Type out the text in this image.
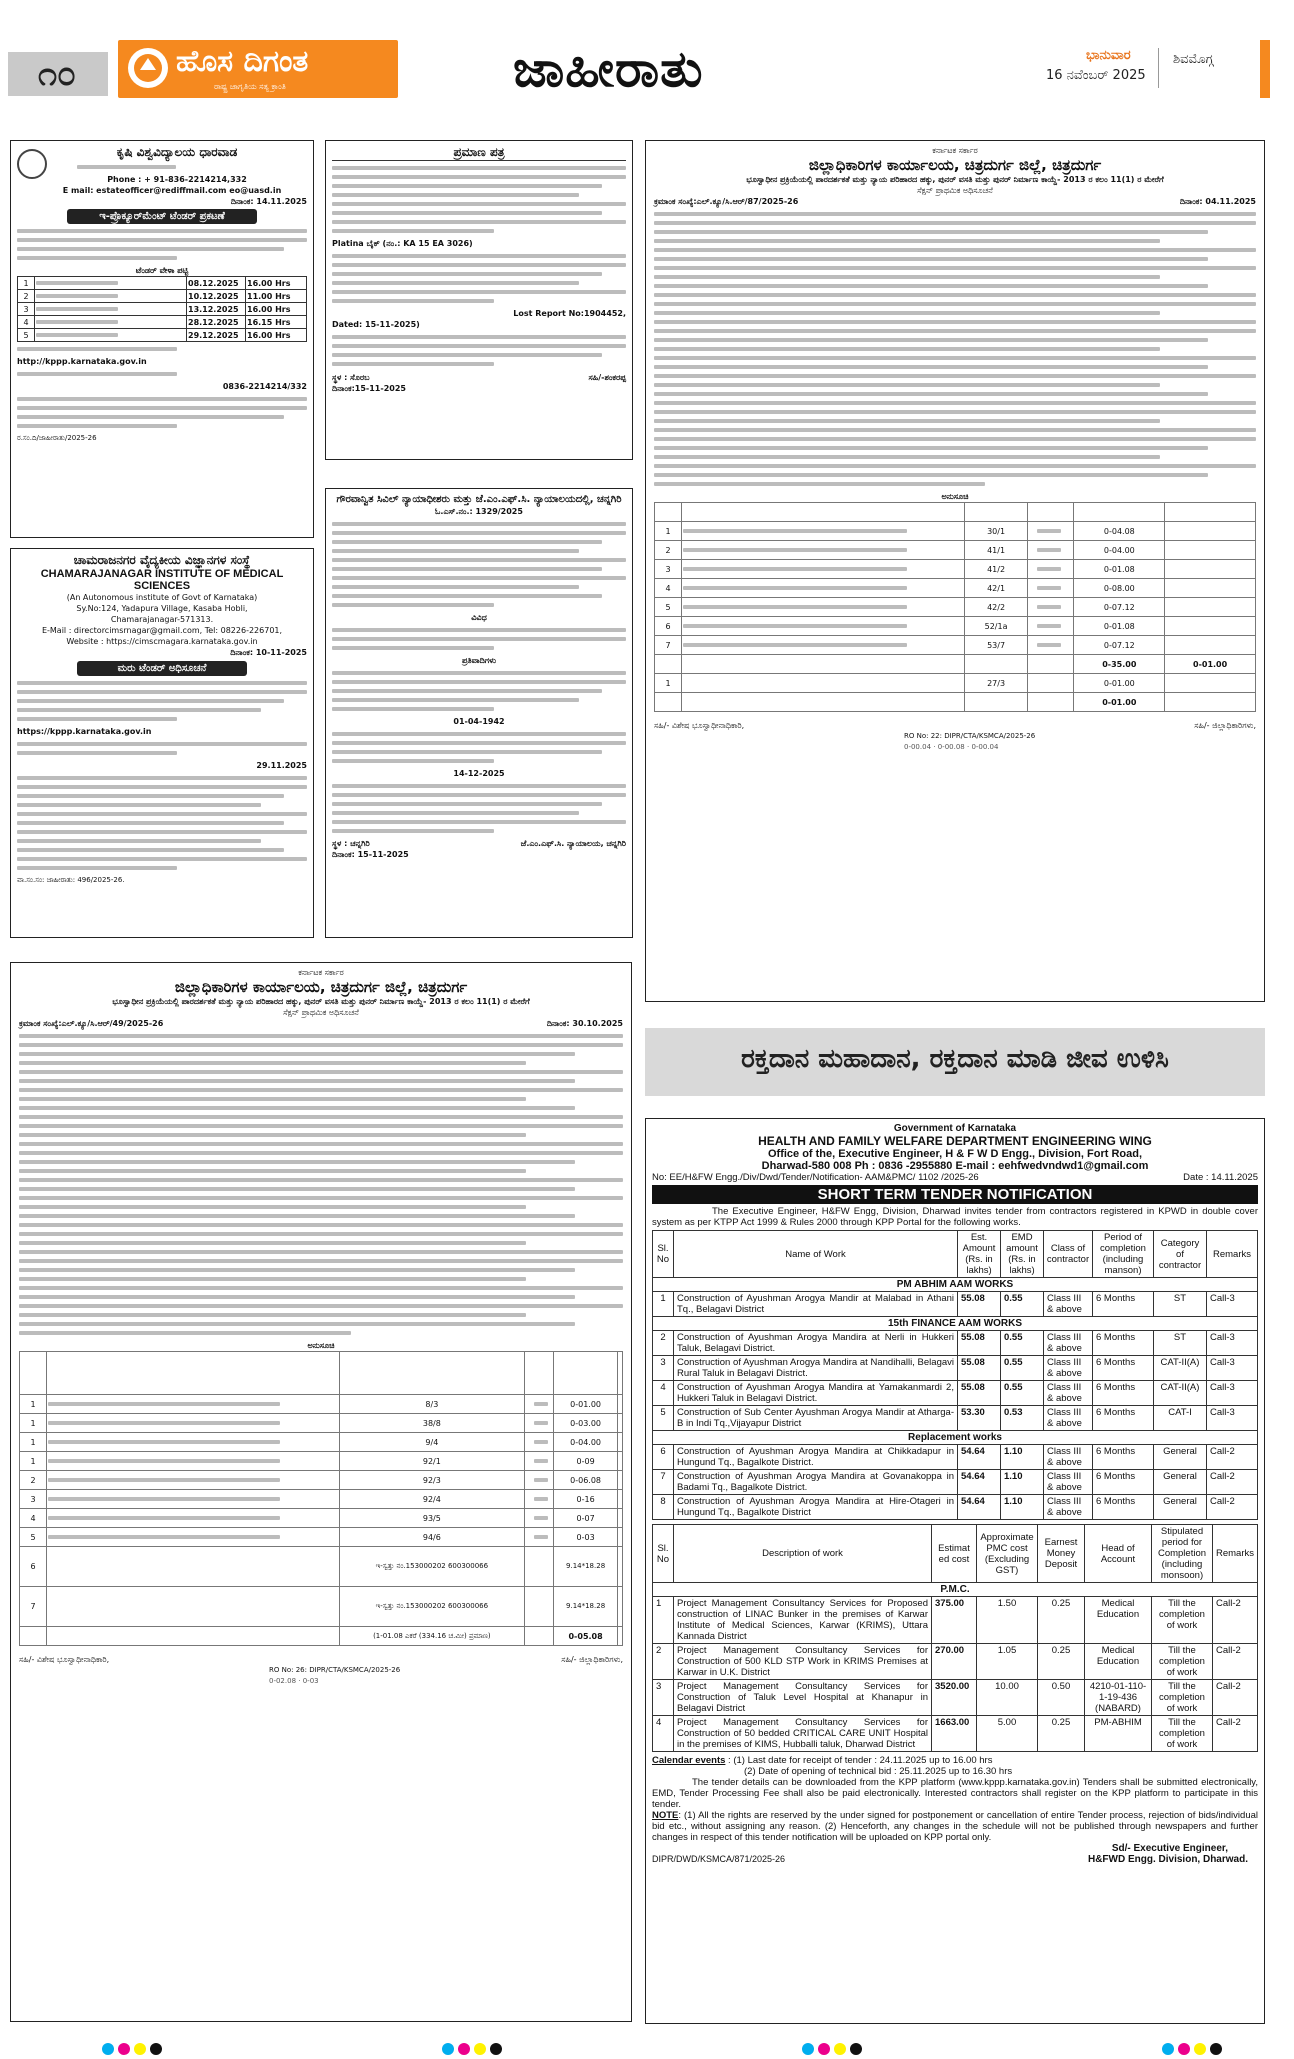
೧೦	ಹೊಸ ದಿಗಂತ
ರಾಷ್ಟ್ರ ಜಾಗೃತಿಯ ಸತ್ಯ ಕ್ರಾಂತಿ	ಜಾಹೀರಾತು	ಭಾನುವಾರ
16 ನವೆಂಬರ್ 2025
ಶಿವಮೊಗ್ಗ
ಕೃಷಿ ವಿಶ್ವವಿದ್ಯಾಲಯ ಧಾರವಾಡ
Phone : + 91-836-2214214,332
E mail: estateofficer@rediffmail.com eo@uasd.in
ದಿನಾಂಕ: 14.11.2025
ಇ-ಪ್ರೊಕ್ಯೂರ್‌ಮೆಂಟ್ ಟೆಂಡರ್ ಪ್ರಕಟಣೆ
ಟೆಂಡರ್ ವೇಳಾ ಪಟ್ಟಿ
1		08.12.2025	16.00 Hrs
2		10.12.2025	11.00 Hrs
3		13.12.2025	16.00 Hrs
4		28.12.2025	16.15 Hrs
5		29.12.2025	16.00 Hrs
http://kppp.karnataka.gov.in
0836-2214214/332
ರ.ಸಂ.ದಿ/ಜಾಹೀರಾತು/2025-26
ಚಾಮರಾಜನಗರ ವೈದ್ಯಕೀಯ ವಿಜ್ಞಾನಗಳ ಸಂಸ್ಥೆ
CHAMARAJANAGAR INSTITUTE OF MEDICAL SCIENCES
(An Autonomous institute of Govt of Karnataka)
Sy.No:124, Yadapura Village, Kasaba Hobli,
Chamarajanagar-571313.
E-Mail : directorcimsrnagar@gmail.com, Tel: 08226-226701,
Website : https://cimscmagara.karnataka.gov.in
ದಿನಾಂಕ: 10-11-2025
ಮರು ಟೆಂಡರ್ ಅಧಿಸೂಚನೆ
https://kppp.karnataka.gov.in
29.11.2025
ವಾ.ಸಂ.ಸಂ: ಜಾಹೀರಾತು: 496/2025-26.
ಪ್ರಮಾಣ ಪತ್ರ
Platina ಬೈಕ್ (ನಂ.: KA 15 EA 3026)
Lost Report No:1904452,
Dated: 15-11-2025)
ಸ್ಥಳ : ಸೊರಬ
ದಿನಾಂಕ:15-11-2025
ಸಹಿ/-ಶಂಕರಪ್ಪ
ಗೌರವಾನ್ವಿತ ಸಿವಿಲ್ ನ್ಯಾಯಾಧೀಶರು ಮತ್ತು ಜೆ.ಎಂ.ಎಫ್.ಸಿ. ನ್ಯಾಯಾಲಯದಲ್ಲಿ, ಚನ್ನಗಿರಿ
ಓ.ಎಸ್.ನಂ.: 1329/2025
ವಿವಿಧ
ಪ್ರತಿವಾದಿಗಳು
01-04-1942
14-12-2025
ಸ್ಥಳ : ಚನ್ನಗಿರಿ
ದಿನಾಂಕ: 15-11-2025
ಜೆ.ಎಂ.ಎಫ್.ಸಿ. ನ್ಯಾಯಾಲಯ, ಚನ್ನಗಿರಿ
ಕರ್ನಾಟಕ ಸರ್ಕಾರ
ಜಿಲ್ಲಾಧಿಕಾರಿಗಳ ಕಾರ್ಯಾಲಯ, ಚಿತ್ರದುರ್ಗ ಜಿಲ್ಲೆ, ಚಿತ್ರದುರ್ಗ
ಭೂಸ್ವಾಧೀನ ಪ್ರಕ್ರಿಯೆಯಲ್ಲಿ ಪಾರದರ್ಶಕತೆ ಮತ್ತು ನ್ಯಾಯ ಪರಿಹಾರದ ಹಕ್ಕು, ಪುನರ್ ವಸತಿ ಮತ್ತು ಪುನರ್ ನಿರ್ಮಾಣ ಕಾಯ್ದೆ- 2013 ರ ಕಲಂ 11(1) ರ ಮೇರೆಗೆ
ಸೆಕ್ಷನ್ ಪ್ರಾಥಮಿಕ ಅಧಿಸೂಚನೆ
ಕ್ರಮಾಂಕ ಸಂಖ್ಯೆ:ಎಲ್.ಕ್ಯೂ/ಸಿ.ಆರ್/87/2025-26	ದಿನಾಂಕ: 04.11.2025
ಅನುಸೂಚಿ

1		30/1		0-04.08	
2		41/1		0-04.00	
3		41/2		0-01.08	
4		42/1		0-08.00	
5		42/2		0-07.12	
6		52/1a		0-01.08	
7		53/7		0-07.12	
				0-35.00	0-01.00
1		27/3		0-01.00	
				0-01.00	
ಸಹಿ/- ವಿಶೇಷ ಭೂಸ್ವಾಧೀನಾಧಿಕಾರಿ,	ಸಹಿ/- ಜಿಲ್ಲಾಧಿಕಾರಿಗಳು,
RO No: 22: DIPR/CTA/KSMCA/2025-26
0-00.04 · 0-00.08 · 0-00.04
ರಕ್ತದಾನ ಮಹಾದಾನ, ರಕ್ತದಾನ ಮಾಡಿ ಜೀವ ಉಳಿಸಿ
ಕರ್ನಾಟಕ ಸರ್ಕಾರ
ಜಿಲ್ಲಾಧಿಕಾರಿಗಳ ಕಾರ್ಯಾಲಯ, ಚಿತ್ರದುರ್ಗ ಜಿಲ್ಲೆ, ಚಿತ್ರದುರ್ಗ
ಭೂಸ್ವಾಧೀನ ಪ್ರಕ್ರಿಯೆಯಲ್ಲಿ ಪಾರದರ್ಶಕತೆ ಮತ್ತು ನ್ಯಾಯ ಪರಿಹಾರದ ಹಕ್ಕು, ಪುನರ್ ವಸತಿ ಮತ್ತು ಪುನರ್ ನಿರ್ಮಾಣ ಕಾಯ್ದೆ- 2013 ರ ಕಲಂ 11(1) ರ ಮೇರೆಗೆ
ಸೆಕ್ಷನ್ ಪ್ರಾಥಮಿಕ ಅಧಿಸೂಚನೆ
ಕ್ರಮಾಂಕ ಸಂಖ್ಯೆ:ಎಲ್.ಕ್ಯೂ/ಸಿ.ಆರ್/49/2025-26	ದಿನಾಂಕ: 30.10.2025
ಅನುಸೂಚಿ

1		8/3		0-01.00	
1		38/8		0-03.00	
1		9/4		0-04.00	
1		92/1		0-09	
2		92/3		0-06.08	
3		92/4		0-16	
4		93/5		0-07	
5		94/6		0-03	
6		ಇ-ಸ್ವತ್ತು ನಂ.153000202 600300066		9.14*18.28	
7		ಇ-ಸ್ವತ್ತು ನಂ.153000202 600300066		9.14*18.28	
		(1-01.08 ಎಕರೆ (334.16 ಚ.ಮೀ) ಪ್ರಮಾಣ)		0-05.08	
ಸಹಿ/- ವಿಶೇಷ ಭೂಸ್ವಾಧೀನಾಧಿಕಾರಿ,	ಸಹಿ/- ಜಿಲ್ಲಾಧಿಕಾರಿಗಳು,
RO No: 26: DIPR/CTA/KSMCA/2025-26
0-02.08 · 0-03
Government of Karnataka
HEALTH AND FAMILY WELFARE DEPARTMENT ENGINEERING WING
Office of the, Executive Engineer, H & F W D Engg., Division, Fort Road,
Dharwad-580 008 Ph : 0836 -2955880 E-mail : eehfwedvndwd1@gmail.com
No: EE/H&FW Engg./Div/Dwd/Tender/Notification- AAM&PMC/ 1102 /2025-26	Date : 14.11.2025
SHORT TERM TENDER NOTIFICATION
The Executive Engineer, H&FW Engg, Division, Dharwad invites tender from contractors registered in KPWD in double cover system as per KTPP Act 1999 & Rules 2000 through KPP Portal for the following works.
Sl. No	Name of Work	Est. Amount (Rs. in lakhs)	EMD amount (Rs. in lakhs)	Class of contractor	Period of completion (including manson)	Category of contractor	Remarks
PM ABHIM AAM WORKS							
1	Construction of Ayushman Arogya Mandir at Malabad in Athani Tq., Belagavi District	55.08	0.55	Class III & above	6 Months	ST	Call-3
15th FINANCE AAM WORKS							
2	Construction of Ayushman Arogya Mandira at Nerli in Hukkeri Taluk, Belagavi District.	55.08	0.55	Class III & above	6 Months	ST	Call-3
3	Construction of Ayushman Arogya Mandira at Nandihalli, Belagavi Rural Taluk in Belagavi District.	55.08	0.55	Class III & above	6 Months	CAT-II(A)	Call-3
4	Construction of Ayushman Arogya Mandira at Yamakanmardi 2, Hukkeri Taluk in Belagavi District.	55.08	0.55	Class III & above	6 Months	CAT-II(A)	Call-3
5	Construction of Sub Center Ayushman Arogya Mandir at Atharga-B in Indi Tq.,Vijayapur District	53.30	0.53	Class III & above	6 Months	CAT-I	Call-3
Replacement works							
6	Construction of Ayushman Arogya Mandira at Chikkadapur in Hungund Tq., Bagalkote District.	54.64	1.10	Class III & above	6 Months	General	Call-2
7	Construction of Ayushman Arogya Mandira at Govanakoppa in Badami Tq., Bagalkote District.	54.64	1.10	Class III & above	6 Months	General	Call-2
8	Construction of Ayushman Arogya Mandira at Hire-Otageri in Hungund Tq., Bagalkote District	54.64	1.10	Class III & above	6 Months	General	Call-2
Sl. No	Description of work	Estimat ed cost	Approximate PMC cost (Excluding GST)	Earnest Money Deposit	Head of Account	Stipulated period for Completion (including monsoon)	Remarks
P.M.C.							
1	Project Management Consultancy Services for Proposed construction of LINAC Bunker in the premises of Karwar Institute of Medical Sciences, Karwar (KRIMS), Uttara Kannada District	375.00	1.50	0.25	Medical Education	Till the completion of work	Call-2
2	Project Management Consultancy Services for Construction of 500 KLD STP Work in KRIMS Premises at Karwar in U.K. District	270.00	1.05	0.25	Medical Education	Till the completion of work	Call-2
3	Project Management Consultancy Services for Construction of Taluk Level Hospital at Khanapur in Belagavi District	3520.00	10.00	0.50	4210-01-110-1-19-436 (NABARD)	Till the completion of work	Call-2
4	Project Management Consultancy Services for Construction of 50 bedded CRITICAL CARE UNIT Hospital in the premises of KIMS, Hubballi taluk, Dharwad District	1663.00	5.00	0.25	PM-ABHIM	Till the completion of work	Call-2
Calendar events : (1) Last date for receipt of tender : 24.11.2025 up to 16.00 hrs
(2) Date of opening of technical bid : 25.11.2025 up to 16.30 hrs
The tender details can be downloaded from the KPP platform (www.kppp.karnataka.gov.in) Tenders shall be submitted electronically, EMD, Tender Processing Fee shall also be paid electronically. Interested contractors shall register on the KPP platform to participate in this tender.
NOTE: (1) All the rights are reserved by the under signed for postponement or cancellation of entire Tender process, rejection of bids/individual bid etc., without assigning any reason. (2) Henceforth, any changes in the schedule will not be published through newspapers and further changes in respect of this tender notification will be uploaded on KPP portal only.
Sd/- Executive Engineer,
DIPR/DWD/KSMCA/871/2025-26	H&FWD Engg. Division, Dharwad.
